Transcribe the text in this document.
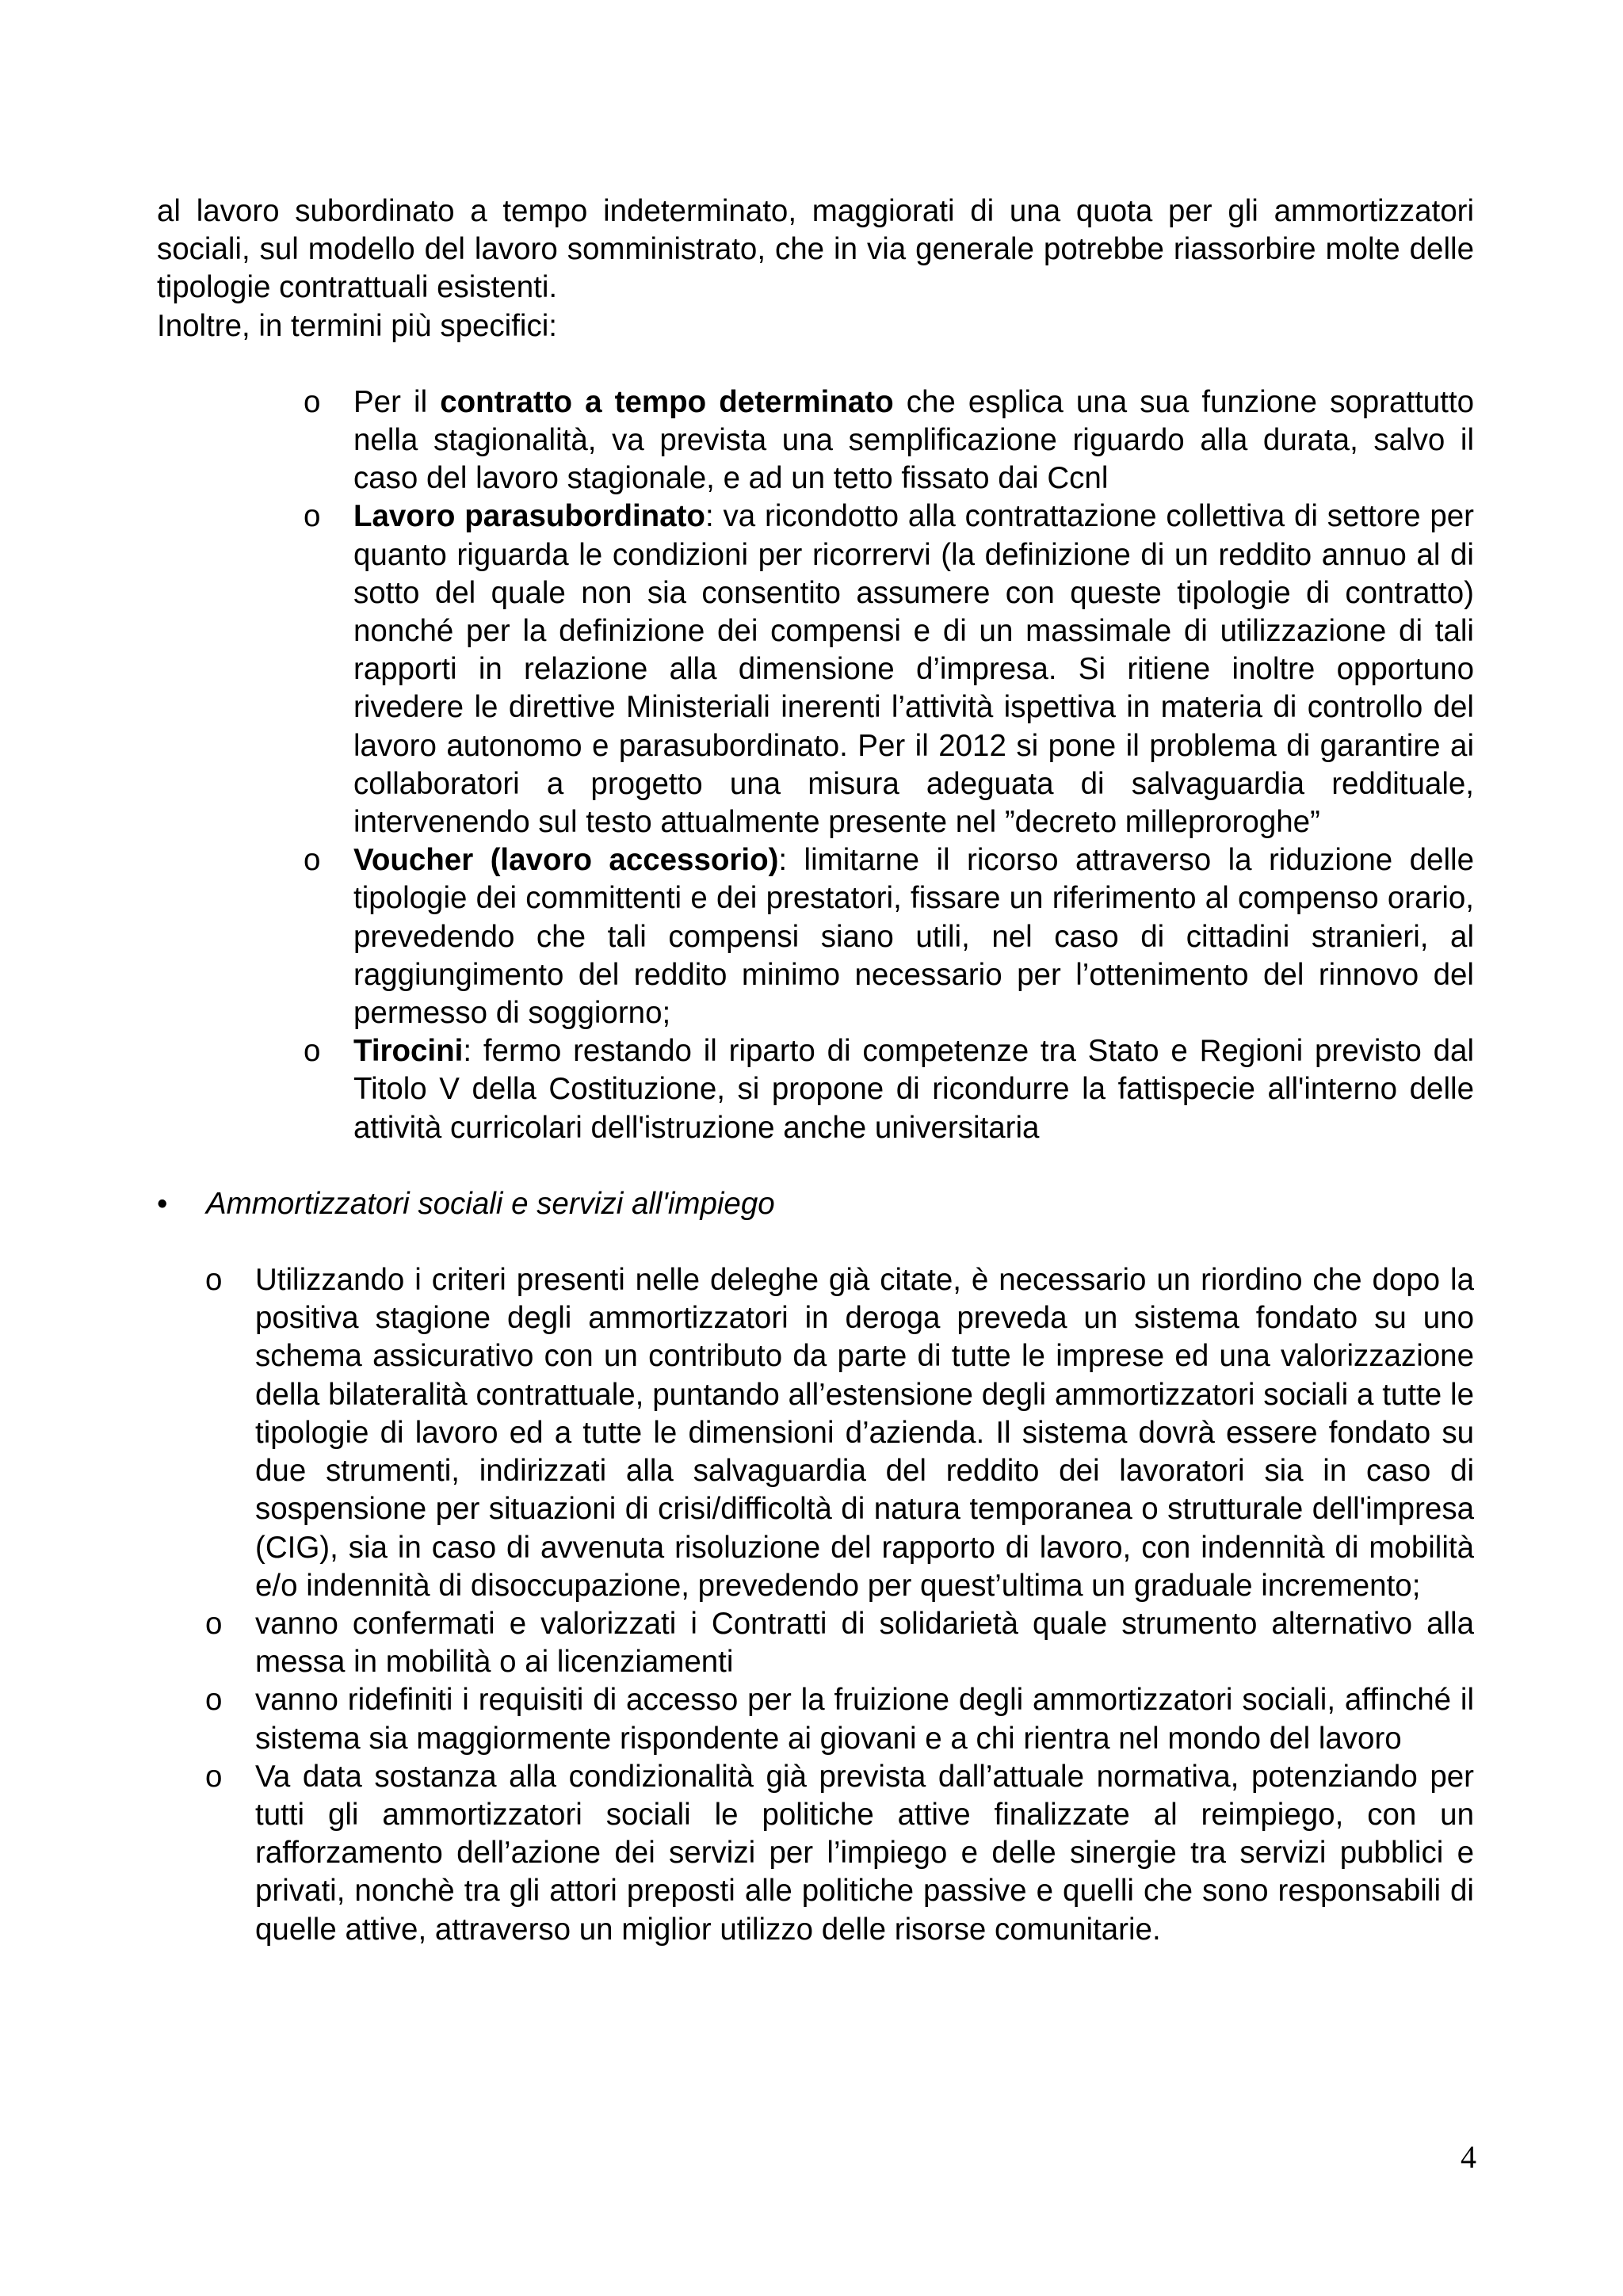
al lavoro subordinato a tempo indeterminato, maggiorati di una quota per gli ammortizzatori sociali, sul modello del lavoro somministrato, che in via generale potrebbe riassorbire molte delle tipologie contrattuali esistenti.

Inoltre, in termini più specifici:

o Per il contratto a tempo determinato che esplica una sua funzione soprattutto nella stagionalità, va prevista una semplificazione riguardo alla durata, salvo il caso del lavoro stagionale, e ad un tetto fissato dai Ccnl
o Lavoro parasubordinato: va ricondotto alla contrattazione collettiva di settore per quanto riguarda le condizioni per ricorrervi (la definizione di un reddito annuo al di sotto del quale non sia consentito assumere con queste tipologie di contratto) nonché per la definizione dei compensi e di un massimale di utilizzazione di tali rapporti in relazione alla dimensione d’impresa. Si ritiene inoltre opportuno rivedere le direttive Ministeriali inerenti l’attività ispettiva in materia di controllo del lavoro autonomo e parasubordinato. Per il 2012 si pone il problema di garantire ai collaboratori a progetto una misura adeguata di salvaguardia reddituale, intervenendo sul testo attualmente presente nel ”decreto milleproroghe”
o Voucher (lavoro accessorio): limitarne il ricorso attraverso la riduzione delle tipologie dei committenti e dei prestatori, fissare un riferimento al compenso orario, prevedendo che tali compensi siano utili, nel caso di cittadini stranieri, al raggiungimento del reddito minimo necessario per l’ottenimento del rinnovo del permesso di soggiorno;
o Tirocini: fermo restando il riparto di competenze tra Stato e Regioni previsto dal Titolo V della Costituzione, si propone di ricondurre la fattispecie all'interno delle attività curricolari dell'istruzione anche universitaria
• Ammortizzatori sociali e servizi all'impiego
o Utilizzando i criteri presenti nelle deleghe già citate, è necessario un riordino che dopo la positiva stagione degli ammortizzatori in deroga preveda un sistema fondato su uno schema assicurativo con un contributo da parte di tutte le imprese ed una valorizzazione della bilateralità contrattuale, puntando all’estensione degli ammortizzatori sociali a tutte le tipologie di lavoro ed a tutte le dimensioni d’azienda. Il sistema dovrà essere fondato su due strumenti, indirizzati alla salvaguardia del reddito dei lavoratori sia in caso di sospensione per situazioni di crisi/difficoltà di natura temporanea o strutturale dell'impresa (CIG), sia in caso di avvenuta risoluzione del rapporto di lavoro, con indennità di mobilità e/o indennità di disoccupazione, prevedendo per quest’ultima un graduale incremento;
o vanno confermati e valorizzati i Contratti di solidarietà quale strumento alternativo alla messa in mobilità o ai licenziamenti
o vanno ridefiniti i requisiti di accesso per la fruizione degli ammortizzatori sociali, affinché il sistema sia maggiormente rispondente ai giovani e a chi rientra nel mondo del lavoro
o Va data sostanza alla condizionalità già prevista dall’attuale normativa, potenziando per tutti gli ammortizzatori sociali le politiche attive finalizzate al reimpiego, con un rafforzamento dell’azione dei servizi per l’impiego e delle sinergie tra servizi pubblici e privati, nonchè tra gli attori preposti alle politiche passive e quelli che sono responsabili di quelle attive, attraverso un miglior utilizzo delle risorse comunitarie.
4
